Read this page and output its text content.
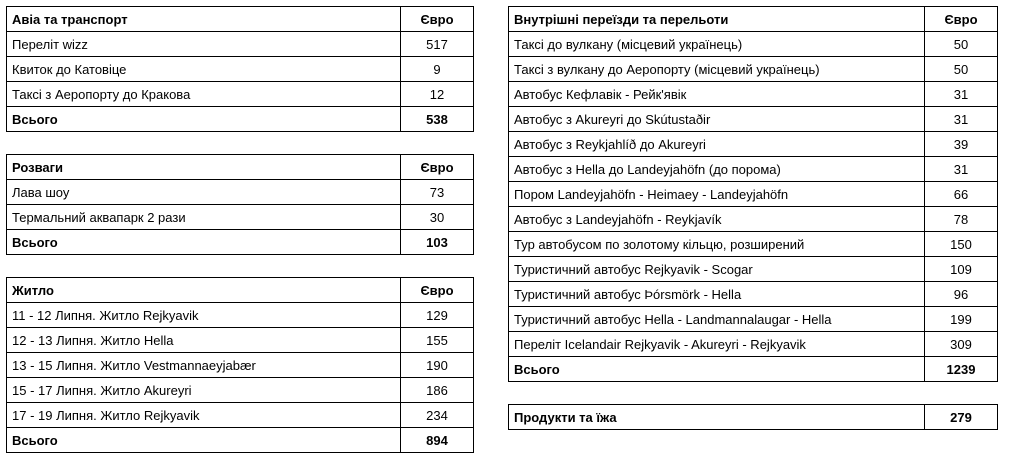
Авіа та транспорт	Євро
Переліт wizz	517
Квиток до Катовіце	9
Таксі з Аеропорту до Кракова	12
Всього	538
Розваги	Євро
Лава шоу	73
Термальний аквапарк 2 рази	30
Всього	103
Житло	Євро
11 - 12 Липня. Житло Rejkyavik	129
12 - 13 Липня. Житло Hella	155
13 - 15 Липня. Житло Vestmannaeyjabær	190
15 - 17 Липня. Житло Akureyri	186
17 - 19 Липня. Житло Rejkyavik	234
Всього	894
Внутрішні переїзди та перельоти	Євро
Таксі до вулкану (місцевий українець)	50
Таксі з вулкану до Аеропорту (місцевий українець)	50
Автобус Кефлавік - Рейк'явік	31
Автобус з Akureyri до Skútustaðir	31
Автобус з Reykjahlíð до Akureyri	39
Автобус з Hella до Landeyjahöfn (до порома)	31
Пором Landeyjahöfn - Heimaey - Landeyjahöfn	66
Автобус з Landeyjahöfn - Reykjavík	78
Тур автобусом по золотому кільцю, розширений	150
Туристичний автобус Rejkyavik - Scogar	109
Туристичний автобус Þórsmörk - Hella	96
Туристичний автобус Hella - Landmannalaugar - Hella	199
Переліт Icelandair Rejkyavik - Akureyri - Rejkyavik	309
Всього	1239
Продукти та їжа	279
